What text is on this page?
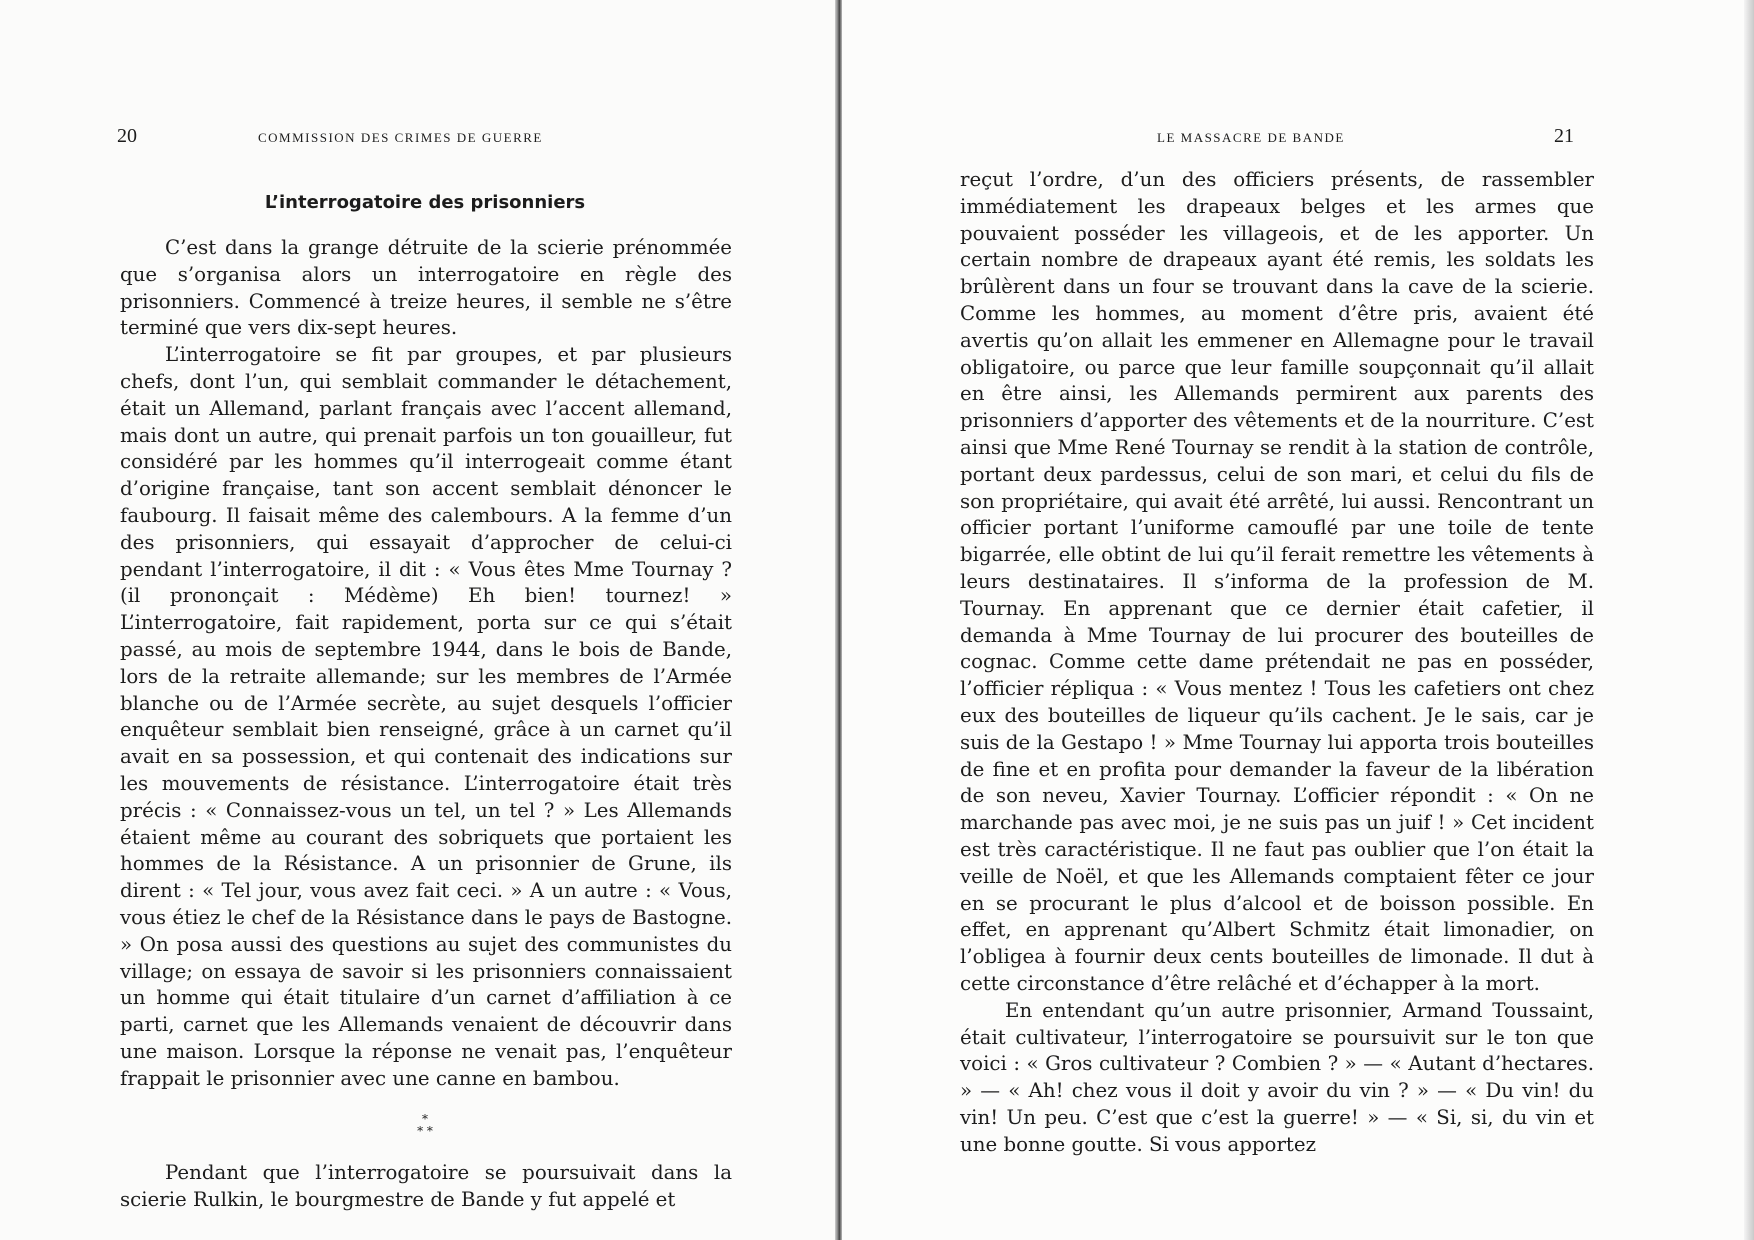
20	COMMISSION DES CRIMES DE GUERRE
L’interrogatoire des prisonniers

C’est dans la grange détruite de la scierie prénommée que s’organisa alors un interrogatoire en règle des prisonniers. Commencé à treize heures, il semble ne s’être terminé que vers dix-sept heures.

L’interrogatoire se fit par groupes, et par plusieurs chefs, dont l’un, qui semblait commander le détachement, était un Allemand, parlant français avec l’accent allemand, mais dont un autre, qui prenait parfois un ton gouailleur, fut considéré par les hommes qu’il interrogeait comme étant d’origine française, tant son accent semblait dénoncer le faubourg. Il faisait même des calembours. A la femme d’un des prisonniers, qui essayait d’approcher de celui-ci pendant l’interrogatoire, il dit : « Vous êtes Mme Tournay ? (il prononçait : Médème) Eh bien! tournez! » L’interrogatoire, fait rapidement, porta sur ce qui s’était passé, au mois de septembre 1944, dans le bois de Bande, lors de la retraite allemande; sur les membres de l’Armée blanche ou de l’Armée secrète, au sujet desquels l’officier enquêteur semblait bien renseigné, grâce à un carnet qu’il avait en sa possession, et qui contenait des indications sur les mouvements de résistance. L’interrogatoire était très précis : « Connaissez-vous un tel, un tel ? » Les Allemands étaient même au courant des sobriquets que portaient les hommes de la Résistance. A un prisonnier de Grune, ils dirent : « Tel jour, vous avez fait ceci. » A un autre : « Vous, vous étiez le chef de la Résistance dans le pays de Bastogne. » On posa aussi des questions au sujet des communistes du village; on essaya de savoir si les prisonniers connaissaient un homme qui était titulaire d’un carnet d’affiliation à ce parti, carnet que les Allemands venaient de découvrir dans une maison. Lorsque la réponse ne venait pas, l’enquêteur frappait le prisonnier avec une canne en bambou.

*
* *

Pendant que l’interrogatoire se poursuivait dans la scierie Rulkin, le bourgmestre de Bande y fut appelé et

LE MASSACRE DE BANDE	21

reçut l’ordre, d’un des officiers présents, de rassembler immédiatement les drapeaux belges et les armes que pouvaient posséder les villageois, et de les apporter. Un certain nombre de drapeaux ayant été remis, les soldats les brûlèrent dans un four se trouvant dans la cave de la scierie. Comme les hommes, au moment d’être pris, avaient été avertis qu’on allait les emmener en Allemagne pour le travail obligatoire, ou parce que leur famille soupçonnait qu’il allait en être ainsi, les Allemands permirent aux parents des prisonniers d’apporter des vêtements et de la nourriture. C’est ainsi que Mme René Tournay se rendit à la station de contrôle, portant deux pardessus, celui de son mari, et celui du fils de son propriétaire, qui avait été arrêté, lui aussi. Rencontrant un officier portant l’uniforme camouflé par une toile de tente bigarrée, elle obtint de lui qu’il ferait remettre les vêtements à leurs destinataires. Il s’informa de la profession de M. Tournay. En apprenant que ce dernier était cafetier, il demanda à Mme Tournay de lui procurer des bouteilles de cognac. Comme cette dame prétendait ne pas en posséder, l’officier répliqua : « Vous mentez ! Tous les cafetiers ont chez eux des bouteilles de liqueur qu’ils cachent. Je le sais, car je suis de la Gestapo ! » Mme Tournay lui apporta trois bouteilles de fine et en profita pour demander la faveur de la libération de son neveu, Xavier Tournay. L’officier répondit : « On ne marchande pas avec moi, je ne suis pas un juif ! » Cet incident est très caractéristique. Il ne faut pas oublier que l’on était la veille de Noël, et que les Allemands comptaient fêter ce jour en se procurant le plus d’alcool et de boisson possible. En effet, en apprenant qu’Albert Schmitz était limonadier, on l’obligea à fournir deux cents bouteilles de limonade. Il dut à cette circonstance d’être relâché et d’échapper à la mort.

En entendant qu’un autre prisonnier, Armand Toussaint, était cultivateur, l’interrogatoire se poursuivit sur le ton que voici : « Gros cultivateur ? Combien ? » — « Autant d’hectares. » — « Ah! chez vous il doit y avoir du vin ? » — « Du vin! du vin! Un peu. C’est que c’est la guerre! » — « Si, si, du vin et une bonne goutte. Si vous apportez
